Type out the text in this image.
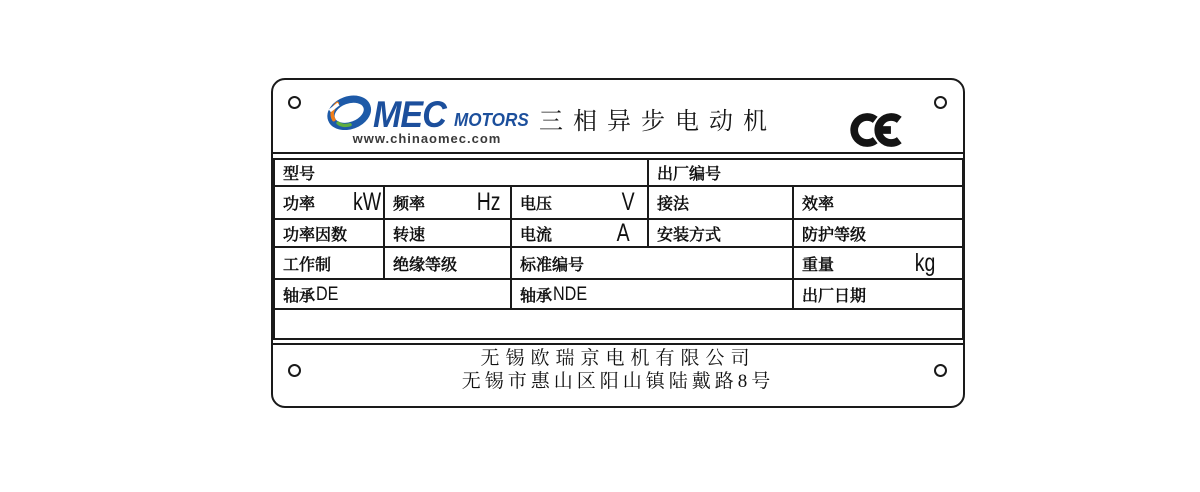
MEC MOTORS
www.chinaomec.com
三相异步电动机
型号			出厂编号	

功率 kW	频率 Hz	电压 V	接法	效率

功率因数	转速	电流 A	安装方式	防护等级

工作制	绝缘等级	标准编号		重量 kg

轴承 DE		轴承 NDE		出厂日期

无锡欧瑞京电机有限公司
无锡市惠山区阳山镇陆戴路8号
